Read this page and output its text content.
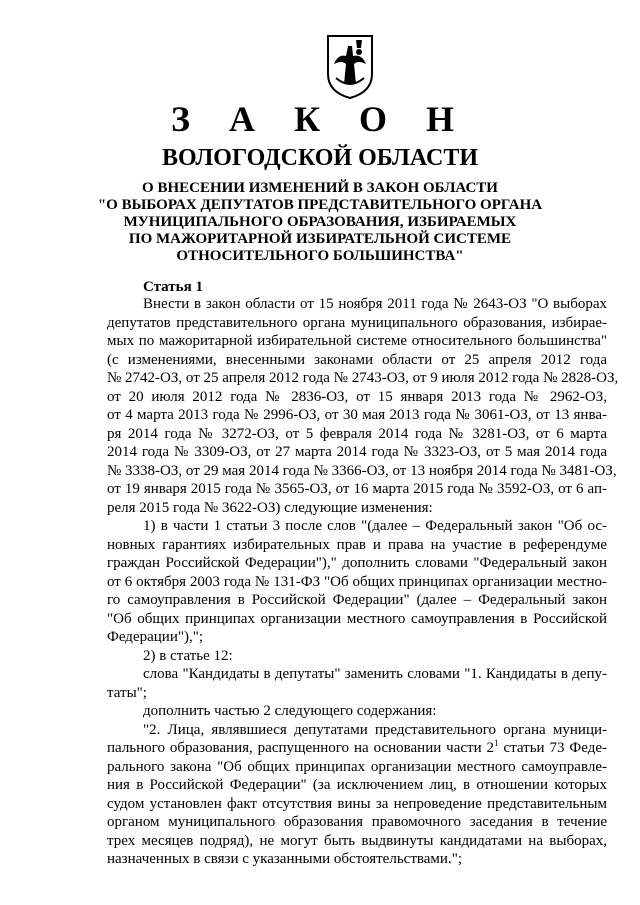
З А К О Н
ВОЛОГОДСКОЙ ОБЛАСТИ
О ВНЕСЕНИИ ИЗМЕНЕНИЙ В ЗАКОН ОБЛАСТИ
"О ВЫБОРАХ ДЕПУТАТОВ ПРЕДСТАВИТЕЛЬНОГО ОРГАНА
МУНИЦИПАЛЬНОГО ОБРАЗОВАНИЯ, ИЗБИРАЕМЫХ
ПО МАЖОРИТАРНОЙ ИЗБИРАТЕЛЬНОЙ СИСТЕМЕ
ОТНОСИТЕЛЬНОГО БОЛЬШИНСТВА"
Статья 1
Внести в закон области от 15 ноября 2011 года № 2643-ОЗ "О выборах
депутатов представительного органа муниципального образования, избирае-
мых по мажоритарной избирательной системе относительного большинства"
(с изменениями, внесенными законами области от 25 апреля 2012 года
№ 2742-ОЗ, от 25 апреля 2012 года № 2743-ОЗ, от 9 июля 2012 года № 2828-ОЗ,
от 20 июля 2012 года № 2836-ОЗ, от 15 января 2013 года № 2962-ОЗ,
от 4 марта 2013 года № 2996-ОЗ, от 30 мая 2013 года № 3061-ОЗ, от 13 янва-
ря 2014 года № 3272-ОЗ, от 5 февраля 2014 года № 3281-ОЗ, от 6 марта
2014 года № 3309-ОЗ, от 27 марта 2014 года № 3323-ОЗ, от 5 мая 2014 года
№ 3338-ОЗ, от 29 мая 2014 года № 3366-ОЗ, от 13 ноября 2014 года № 3481-ОЗ,
от 19 января 2015 года № 3565-ОЗ, от 16 марта 2015 года № 3592-ОЗ, от 6 ап-
реля 2015 года № 3622-ОЗ) следующие изменения:
1) в части 1 статьи 3 после слов "(далее – Федеральный закон "Об ос-
новных гарантиях избирательных прав и права на участие в референдуме
граждан Российской Федерации")," дополнить словами "Федеральный закон
от 6 октября 2003 года № 131-ФЗ "Об общих принципах организации местно-
го самоуправления в Российской Федерации" (далее – Федеральный закон
"Об общих принципах организации местного самоуправления в Российской
Федерации"),";
2) в статье 12:
слова "Кандидаты в депутаты" заменить словами "1. Кандидаты в депу-
таты";
дополнить частью 2 следующего содержания:
"2. Лица, являвшиеся депутатами представительного органа муници-
пального образования, распущенного на основании части $2^1$ статьи 73 Феде-
рального закона "Об общих принципах организации местного самоуправле-
ния в Российской Федерации" (за исключением лиц, в отношении которых
судом установлен факт отсутствия вины за непроведение представительным
органом муниципального образования правомочного заседания в течение
трех месяцев подряд), не могут быть выдвинуты кандидатами на выборах,
назначенных в связи с указанными обстоятельствами.";
